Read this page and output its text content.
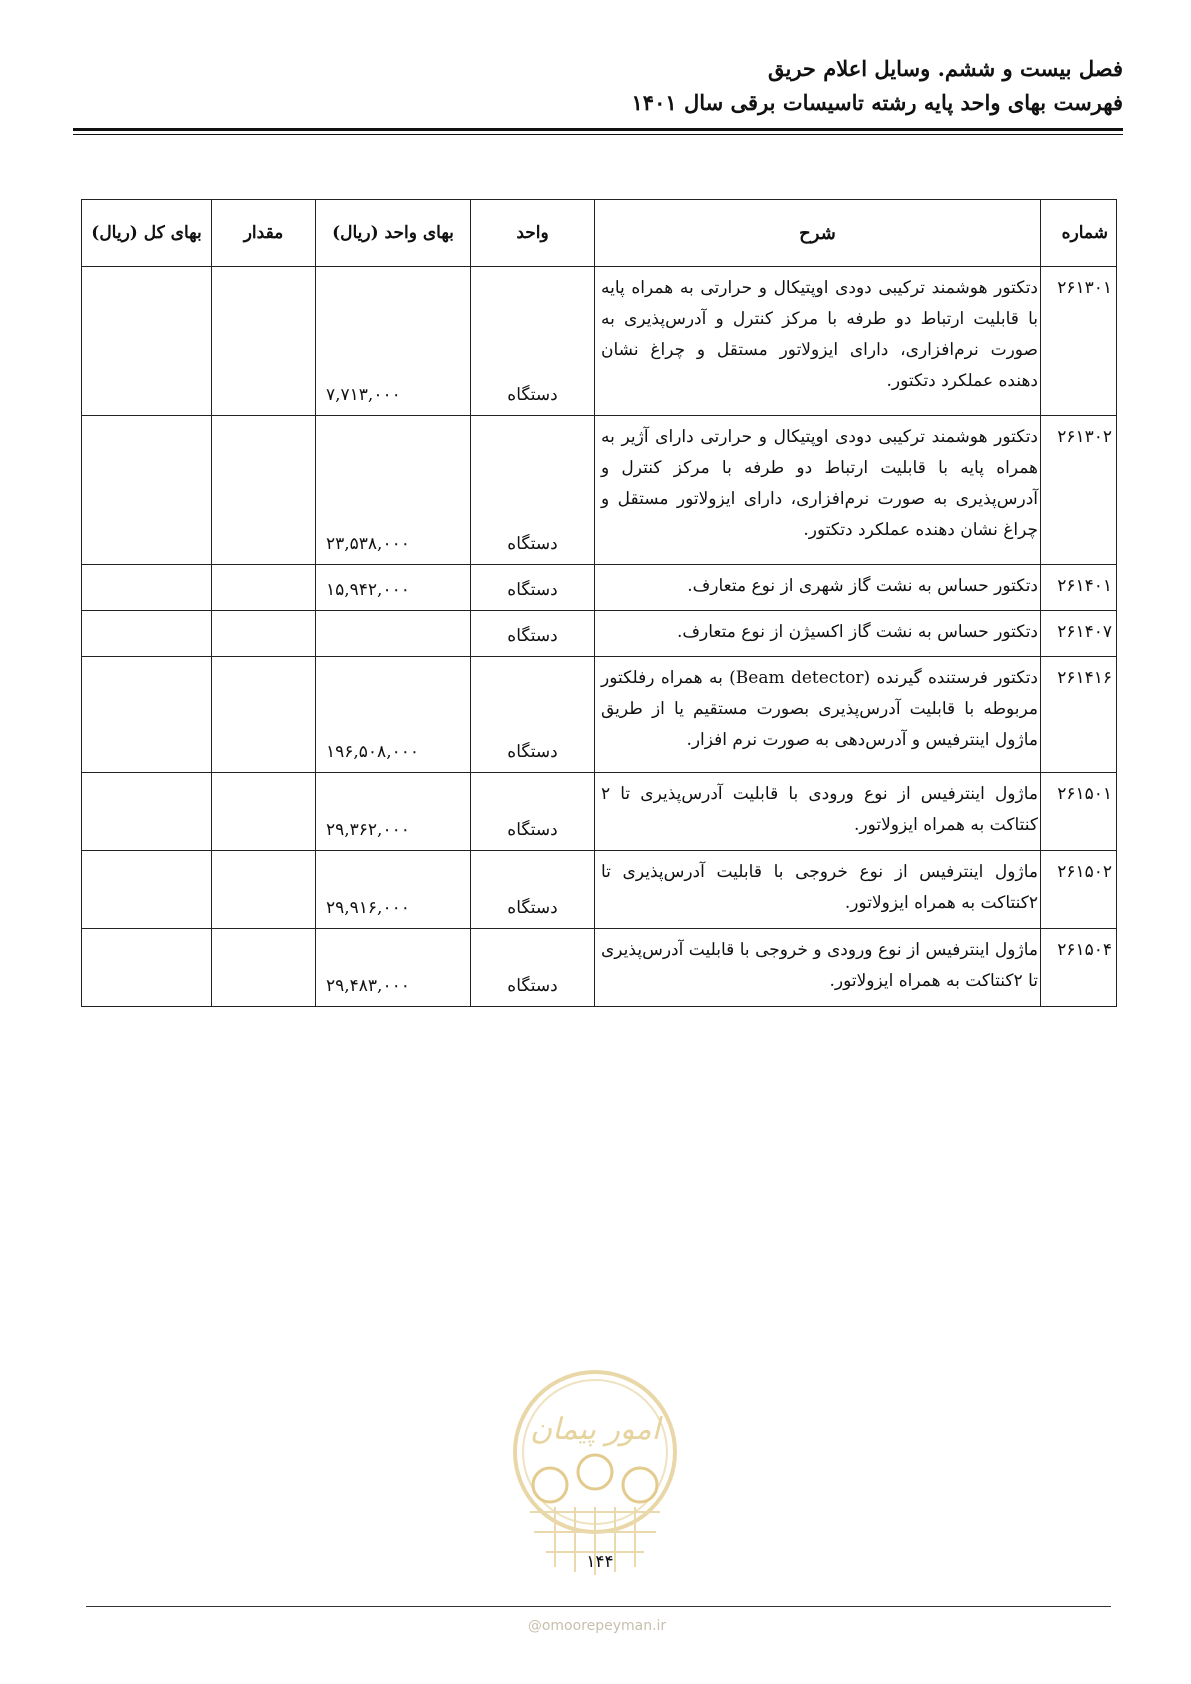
فصل بیست و ششم. وسایل اعلام حریق
فهرست بهای واحد پایه رشته تاسیسات برقی سال ۱۴۰۱
شماره	شرح	واحد	بهای واحد (ریال)	مقدار	بهای کل (ریال)
۲۶۱۳۰۱	دتکتور هوشمند ترکیبی دودی اوپتیکال و حرارتی به همراه پایه با قابلیت ارتباط دو طرفه با مرکز کنترل و آدرس‌پذیری به صورت نرم‌افزاری، دارای ایزولاتور مستقل و چراغ نشان دهنده عملکرد دتکتور.	دستگاه	۷,۷۱۳,۰۰۰		
۲۶۱۳۰۲	دتکتور هوشمند ترکیبی دودی اوپتیکال و حرارتی دارای آژیر به همراه پایه با قابلیت ارتباط دو طرفه با مرکز کنترل و آدرس‌پذیری به صورت نرم‌افزاری، دارای ایزولاتور مستقل و چراغ نشان دهنده عملکرد دتکتور.	دستگاه	۲۳,۵۳۸,۰۰۰		
۲۶۱۴۰۱	دتکتور حساس به نشت گاز شهری از نوع متعارف.	دستگاه	۱۵,۹۴۲,۰۰۰		
۲۶۱۴۰۷	دتکتور حساس به نشت گاز اکسیژن از نوع متعارف.	دستگاه			
۲۶۱۴۱۶	دتکتور فرستنده گیرنده (Beam detector) به همراه رفلکتور مربوطه با قابلیت آدرس‌پذیری بصورت مستقیم یا از طریق ماژول اینترفیس و آدرس‌دهی به صورت نرم افزار.	دستگاه	۱۹۶,۵۰۸,۰۰۰		
۲۶۱۵۰۱	ماژول اینترفیس از نوع ورودی با قابلیت آدرس‌پذیری تا ۲ کنتاکت به همراه ایزولاتور.	دستگاه	۲۹,۳۶۲,۰۰۰		
۲۶۱۵۰۲	ماژول اینترفیس از نوع خروجی با قابلیت آدرس‌پذیری تا ۲کنتاکت به همراه ایزولاتور.	دستگاه	۲۹,۹۱۶,۰۰۰		
۲۶۱۵۰۴	ماژول اینترفیس از نوع ورودی و خروجی با قابلیت آدرس‌پذیری تا ۲کنتاکت به همراه ایزولاتور.	دستگاه	۲۹,۴۸۳,۰۰۰		
امور پیمان
۱۴۴
@omoorepeyman.ir
